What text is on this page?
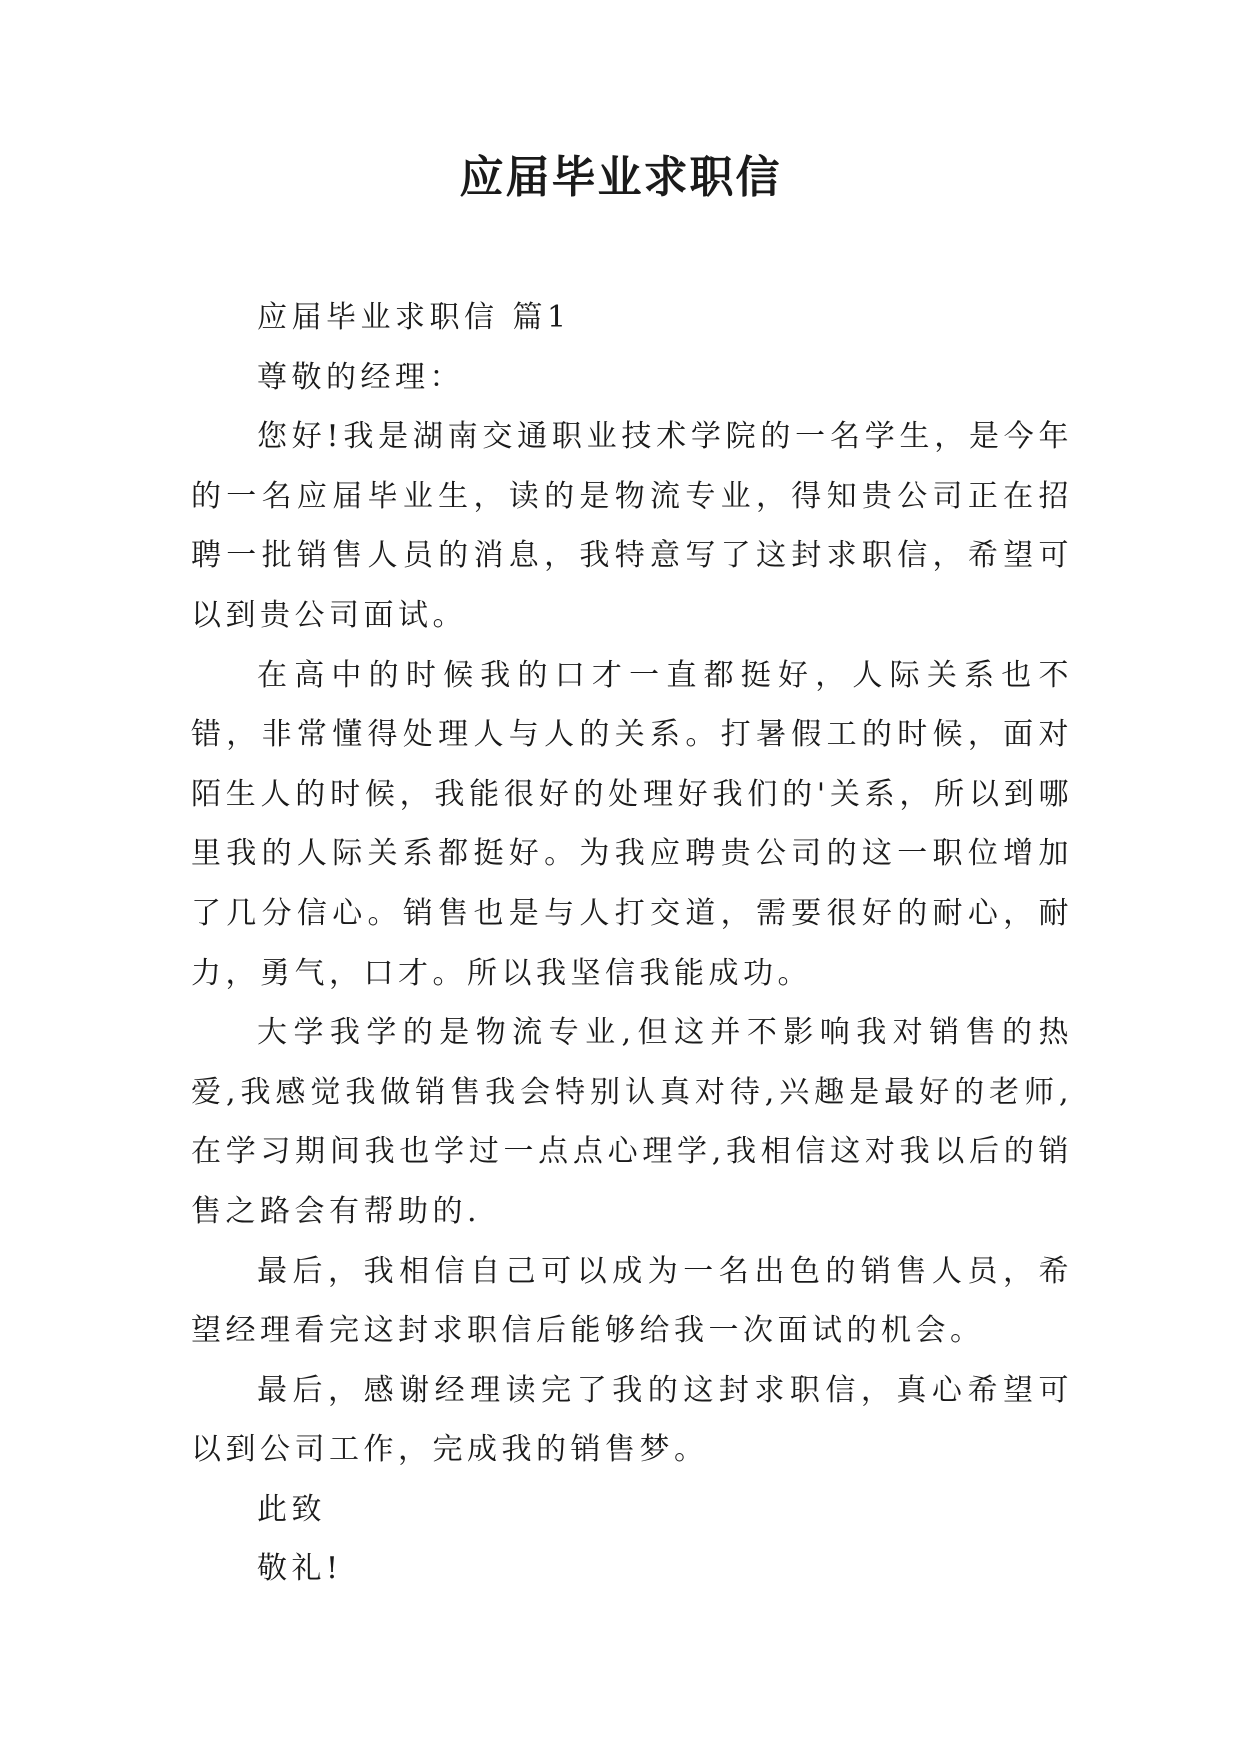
应届毕业求职信

应届毕业求职信 篇1

尊敬的经理：

您好!我是湖南交通职业技术学院的一名学生，是今年的一名应届毕业生，读的是物流专业，得知贵公司正在招聘一批销售人员的消息，我特意写了这封求职信，希望可以到贵公司面试。

在高中的时候我的口才一直都挺好，人际关系也不错，非常懂得处理人与人的关系。打暑假工的时候，面对陌生人的时候，我能很好的处理好我们的'关系，所以到哪里我的人际关系都挺好。为我应聘贵公司的这一职位增加了几分信心。销售也是与人打交道，需要很好的耐心，耐力，勇气，口才。所以我坚信我能成功。

大学我学的是物流专业,但这并不影响我对销售的热爱,我感觉我做销售我会特别认真对待,兴趣是最好的老师,在学习期间我也学过一点点心理学,我相信这对我以后的销售之路会有帮助的.

最后，我相信自己可以成为一名出色的销售人员，希望经理看完这封求职信后能够给我一次面试的机会。

最后，感谢经理读完了我的这封求职信，真心希望可以到公司工作，完成我的销售梦。

此致

敬礼!
